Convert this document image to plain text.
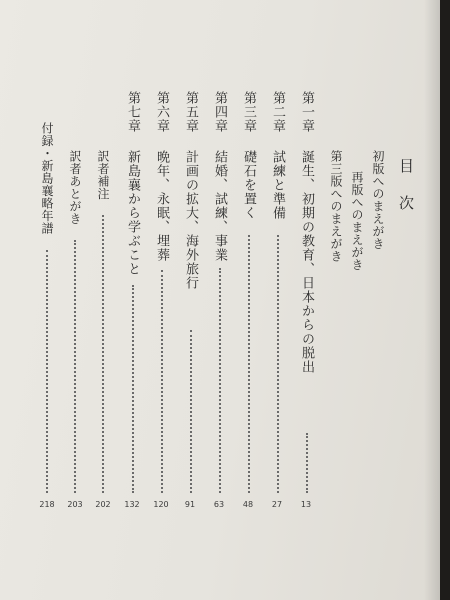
目次
初版へのまえがき
再版へのまえがき
第三版へのまえがき
第一章
誕生、初期の教育、日本からの脱出
13
第二章
試練と準備
27
第三章
礎石を置く
48
第四章
結婚、試練、事業
63
第五章
計画の拡大、海外旅行
91
第六章
晩年、永眠、埋葬
120
第七章
新島襄から学ぶこと
132
訳者補注
202
訳者あとがき
203
付録・新島襄略年譜
218
